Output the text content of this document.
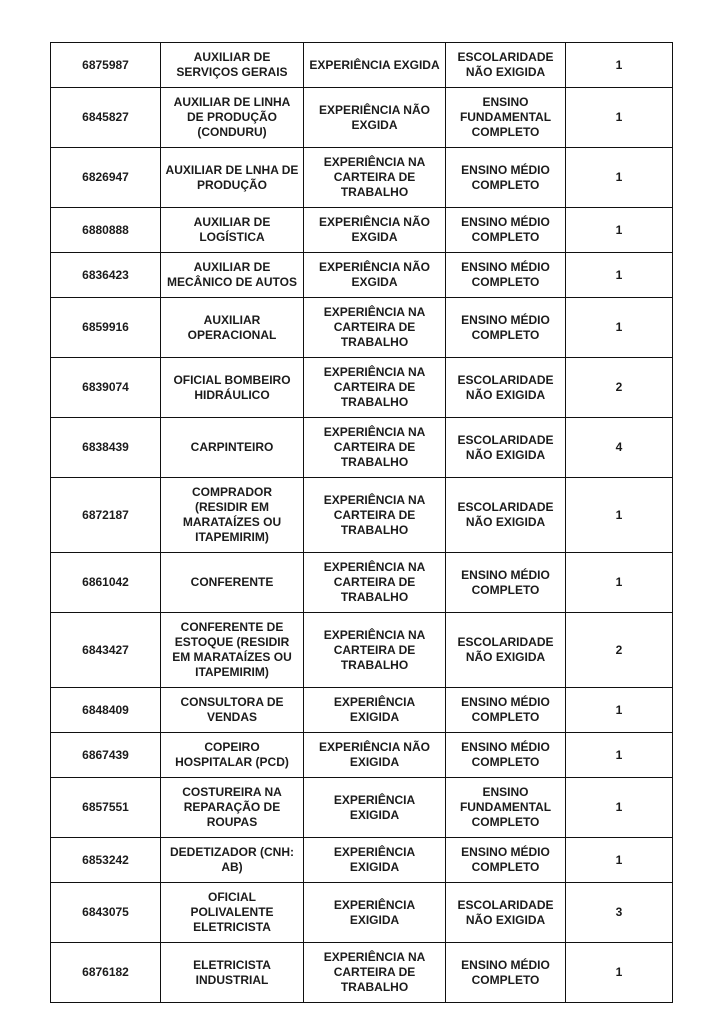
6875987	AUXILIAR DE SERVIÇOS GERAIS	EXPERIÊNCIA EXGIDA	ESCOLARIDADE NÃO EXIGIDA	1
6845827	AUXILIAR DE LINHA DE PRODUÇÃO (CONDURU)	EXPERIÊNCIA NÃO EXGIDA	ENSINO FUNDAMENTAL COMPLETO	1
6826947	AUXILIAR DE LNHA DE PRODUÇÃO	EXPERIÊNCIA NA CARTEIRA DE TRABALHO	ENSINO MÉDIO COMPLETO	1
6880888	AUXILIAR DE LOGÍSTICA	EXPERIÊNCIA NÃO EXGIDA	ENSINO MÉDIO COMPLETO	1
6836423	AUXILIAR DE MECÂNICO DE AUTOS	EXPERIÊNCIA NÃO EXGIDA	ENSINO MÉDIO COMPLETO	1
6859916	AUXILIAR OPERACIONAL	EXPERIÊNCIA NA CARTEIRA DE TRABALHO	ENSINO MÉDIO COMPLETO	1
6839074	OFICIAL BOMBEIRO HIDRÁULICO	EXPERIÊNCIA NA CARTEIRA DE TRABALHO	ESCOLARIDADE NÃO EXIGIDA	2
6838439	CARPINTEIRO	EXPERIÊNCIA NA CARTEIRA DE TRABALHO	ESCOLARIDADE NÃO EXIGIDA	4
6872187	COMPRADOR (RESIDIR EM MARATAÍZES OU ITAPEMIRIM)	EXPERIÊNCIA NA CARTEIRA DE TRABALHO	ESCOLARIDADE NÃO EXIGIDA	1
6861042	CONFERENTE	EXPERIÊNCIA NA CARTEIRA DE TRABALHO	ENSINO MÉDIO COMPLETO	1
6843427	CONFERENTE DE ESTOQUE (RESIDIR EM MARATAÍZES OU ITAPEMIRIM)	EXPERIÊNCIA NA CARTEIRA DE TRABALHO	ESCOLARIDADE NÃO EXIGIDA	2
6848409	CONSULTORA DE VENDAS	EXPERIÊNCIA EXIGIDA	ENSINO MÉDIO COMPLETO	1
6867439	COPEIRO HOSPITALAR (PCD)	EXPERIÊNCIA NÃO EXIGIDA	ENSINO MÉDIO COMPLETO	1
6857551	COSTUREIRA NA REPARAÇÃO DE ROUPAS	EXPERIÊNCIA EXIGIDA	ENSINO FUNDAMENTAL COMPLETO	1
6853242	DEDETIZADOR (CNH: AB)	EXPERIÊNCIA EXIGIDA	ENSINO MÉDIO COMPLETO	1
6843075	OFICIAL POLIVALENTE ELETRICISTA	EXPERIÊNCIA EXIGIDA	ESCOLARIDADE NÃO EXIGIDA	3
6876182	ELETRICISTA INDUSTRIAL	EXPERIÊNCIA NA CARTEIRA DE TRABALHO	ENSINO MÉDIO COMPLETO	1
